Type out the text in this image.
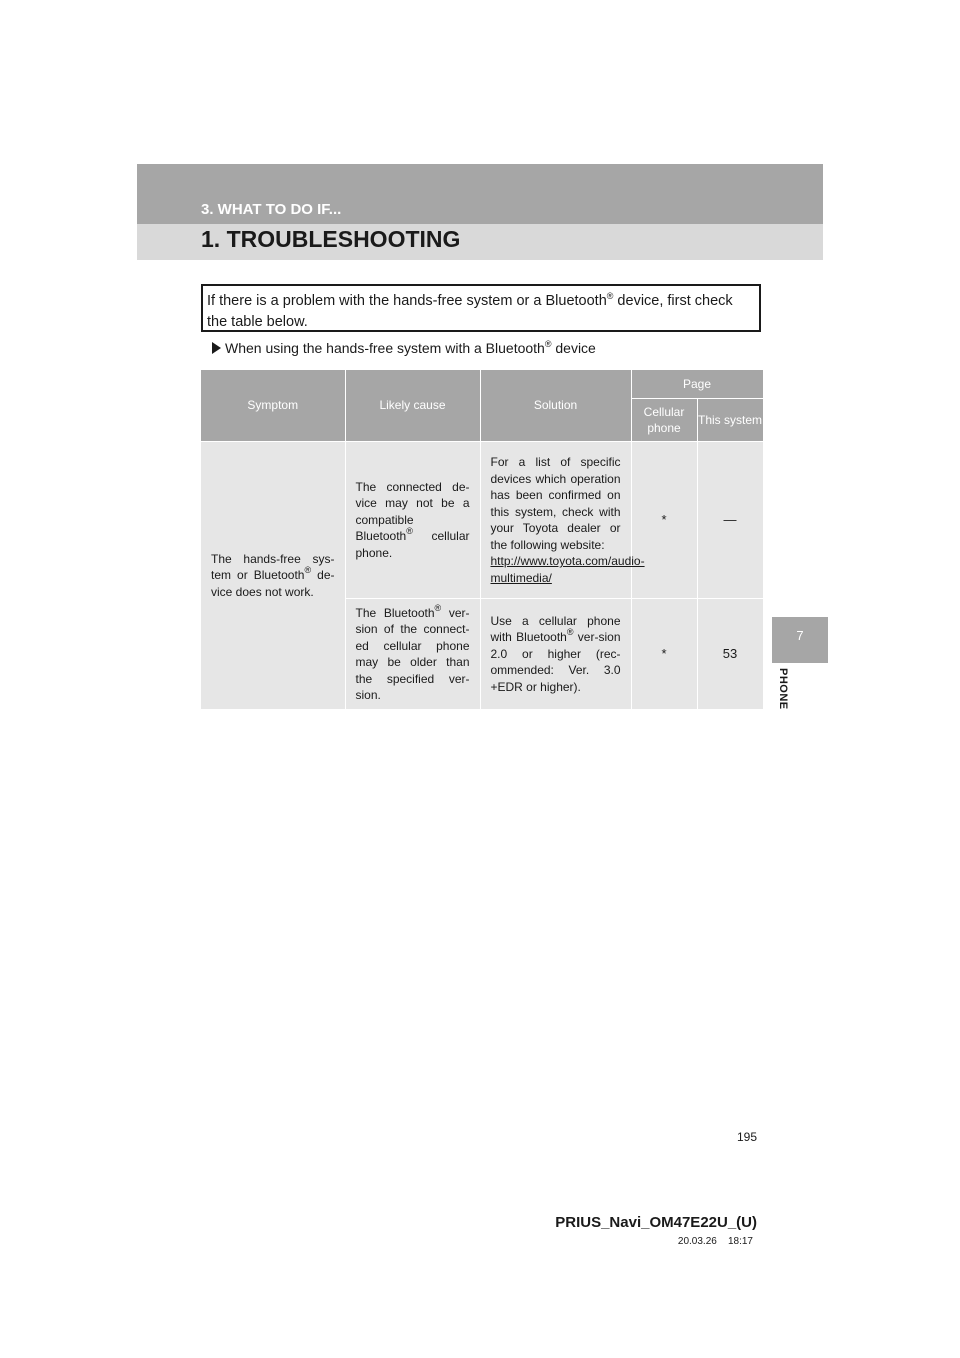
3. WHAT TO DO IF...
1. TROUBLESHOOTING
7
PHONE
If there is a problem with the hands-free system or a Bluetooth® device, first check the table below.
When using the hands-free system with a Bluetooth® device
Symptom	Likely cause	Solution	Page	
			Cellular phone	This system
The hands-free sys-tem or Bluetooth® de-vice does not work.	The connected de-vice may not be a compatible Bluetooth® cellular phone.	For a list of specific devices which operation has been confirmed on this system, check with your Toyota dealer or the following website:
http://www.toyota.com/audio-multimedia/	*	—
	The Bluetooth® ver-sion of the connect-ed cellular phone may be older than the specified ver-sion.	Use a cellular phone with Bluetooth® ver-sion 2.0 or higher (rec-ommended: Ver. 3.0 +EDR or higher).	*	53
195
PRIUS_Navi_OM47E22U_(U)
20.03.26 18:17
